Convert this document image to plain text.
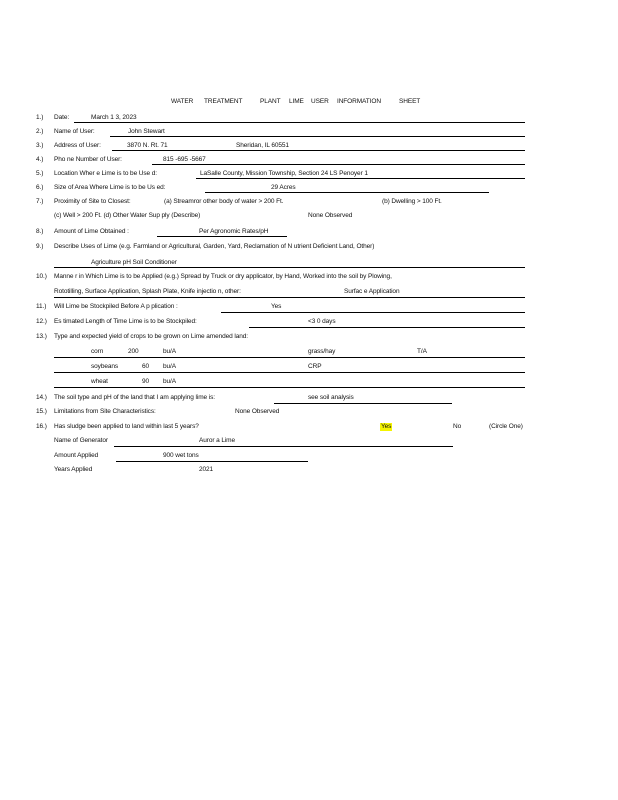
WATER TREATMENT	PLANT LIME USER INFORMATION	SHEET
1.) Date:	March 1 3, 2023
2.) Name of User:	John Stewart
3.) Address of User:	3870 N. Rt. 71	Sheridan, IL 60551
4.) Pho ne Number of User:	815 -695 -5667
5.) Location Wher e Lime is to be Use d:	LaSalle County, Mission Township, Section 24 LS Penoyer 1
6.) Size of Area Where Lime is to be Us ed:	29 Acres
7.) Proximity of Site to Closest:	(a) Streamror other body of water > 200 Ft.	(b) Dwelling > 100 Ft.
(c) Well > 200 Ft. (d) Other Water Sup ply (Describe)	None Observed
8.) Amount of Lime Obtained :	Per Agronomic Rates/pH
9.) Describe Uses of Lime (e.g. Farmland or Agricultural, Garden, Yard, Reclamation of N utrient Deficient Land, Other)
Agriculture pH Soil Conditioner
10.) Manne r in Which Lime is to be Applied (e.g.) Spread by Truck or dry applicator, by Hand, Worked into the soil by Plowing,
Rototilling, Surface Application, Splash Plate, Knife injectio n, other:	Surfac e Application
11.) Will Lime be Stockpiled Before A p plication :	Yes
12.) Es timated Length of Time Lime is to be Stockpiled:	<3 0 days
13.) Type and expected yield of crops to be grown on Lime amended land:
corn	200	bu/A	grass/hay	T/A
soybeans	60 bu/A	CRP
wheat	90 bu/A
14.) The soil type and pH of the land that I am applying lime is:	see soil analysis
15.) Limitations from Site Characteristics:	None Observed
16.) Has sludge been applied to land within last 5 years?	Yes	No	(Circle One)
Name of Generator	Auror a Lime
Amount Applied	900 wet tons
Years Applied	2021
